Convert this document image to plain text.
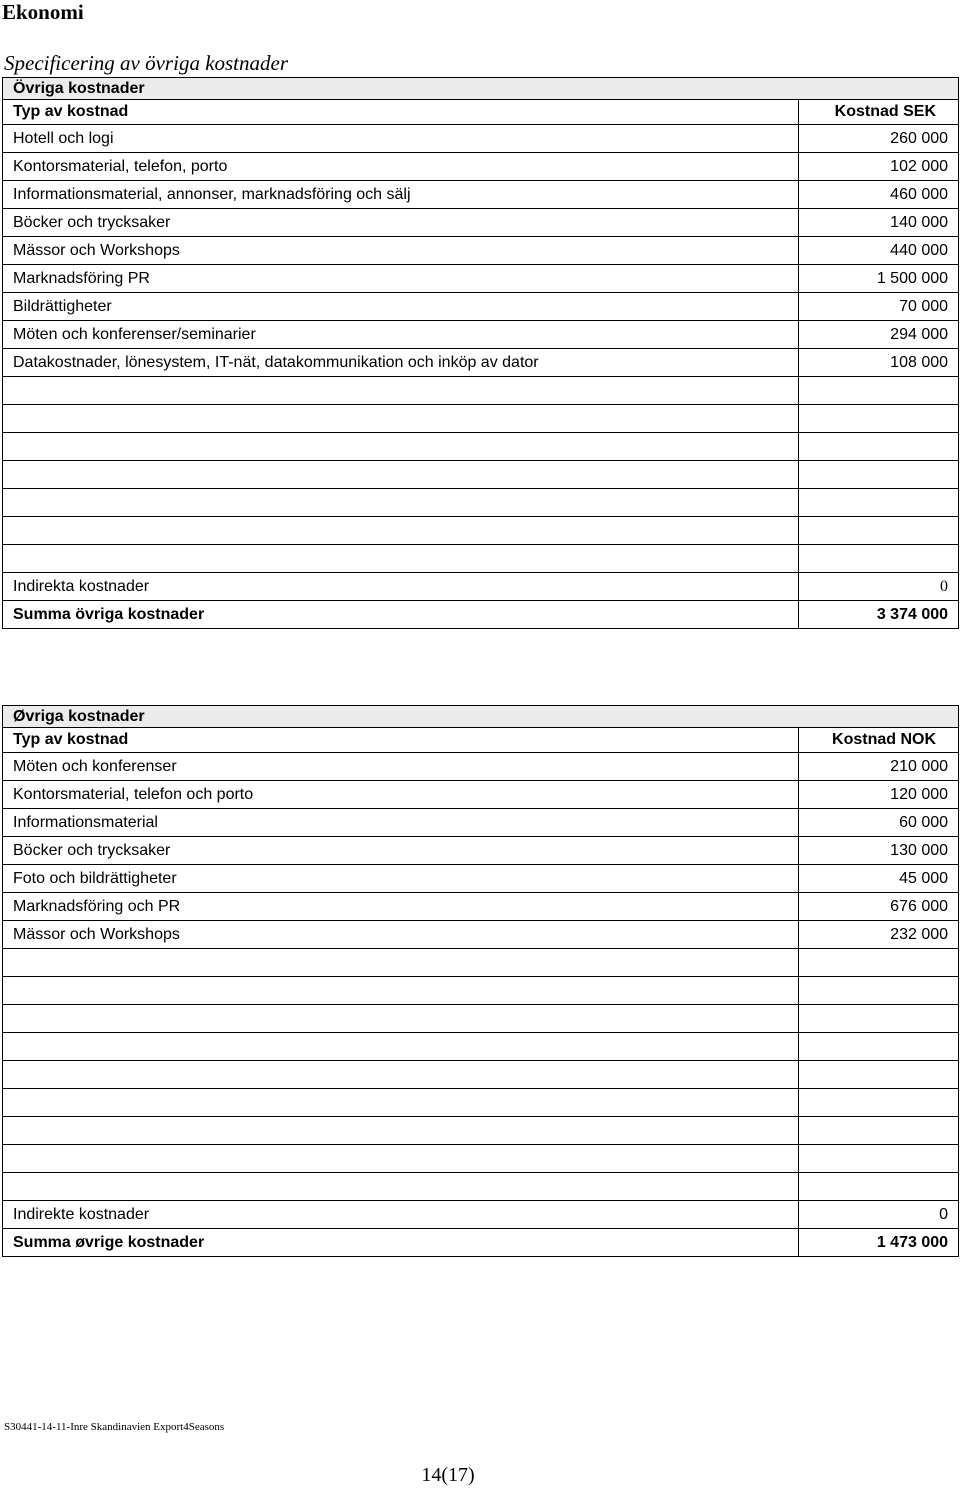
Ekonomi
Specificering av övriga kostnader
Övriga kostnader	
Typ av kostnad	Kostnad SEK
Hotell och logi	260 000
Kontorsmaterial, telefon, porto	102 000
Informationsmaterial, annonser, marknadsföring och sälj	460 000
Böcker och trycksaker	140 000
Mässor och Workshops	440 000
Marknadsföring PR	1 500 000
Bildrättigheter	70 000
Möten och konferenser/seminarier	294 000
Datakostnader, lönesystem, IT-nät, datakommunikation och inköp av dator	108 000

Indirekta kostnader	0
Summa övriga kostnader	3 374 000
Øvriga kostnader	
Typ av kostnad	Kostnad NOK
Möten och konferenser	210 000
Kontorsmaterial, telefon och porto	120 000
Informationsmaterial	60 000
Böcker och trycksaker	130 000
Foto och bildrättigheter	45 000
Marknadsföring och PR	676 000
Mässor och Workshops	232 000

Indirekte kostnader	0
Summa øvrige kostnader	1 473 000
S30441-14-11-Inre Skandinavien Export4Seasons
14(17)
